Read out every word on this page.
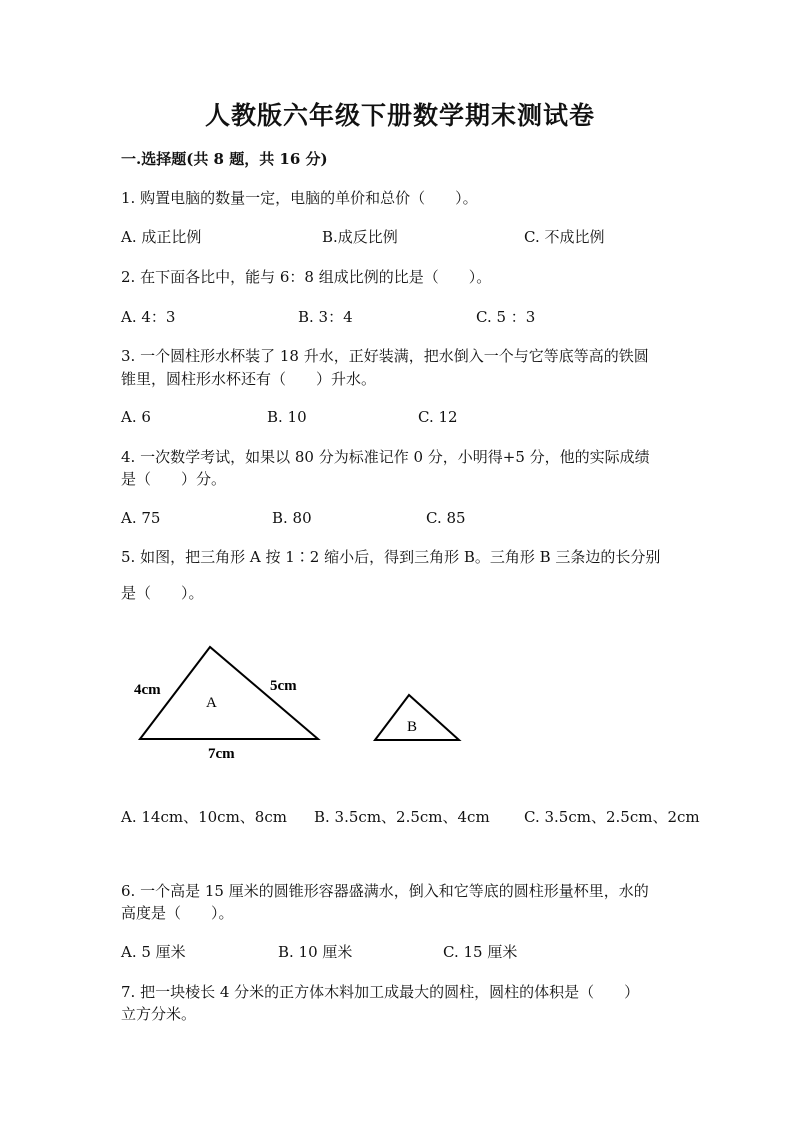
人教版六年级下册数学期末测试卷
一.选择题(共 8 题，共 16 分)
1. 购置电脑的数量一定，电脑的单价和总价（　　）。
A. 成正比例	B.成反比例	C. 不成比例
2. 在下面各比中，能与 6：8 组成比例的比是（　　）。
A. 4：3	B. 3：4	C. 5 ：3
3. 一个圆柱形水杯装了 18 升水，正好装满，把水倒入一个与它等底等高的铁圆
锥里，圆柱形水杯还有（　　）升水。
A. 6	B. 10	C. 12
4. 一次数学考试，如果以 80 分为标准记作 0 分，小明得+5 分，他的实际成绩
是（　　）分。
A. 75	B. 80	C. 85
5. 如图，把三角形 A 按 1∶2 缩小后，得到三角形 B。三角形 B 三条边的长分别
是（　　）。
4cm	5cm
7cm
A
B
A. 14cm、10cm、8cm B. 3.5cm、2.5cm、4cm C. 3.5cm、2.5cm、2cm
6. 一个高是 15 厘米的圆锥形容器盛满水，倒入和它等底的圆柱形量杯里，水的
高度是（　　）。
A. 5 厘米	B. 10 厘米	C. 15 厘米
7. 把一块棱长 4 分米的正方体木料加工成最大的圆柱，圆柱的体积是（　　）
立方分米。
